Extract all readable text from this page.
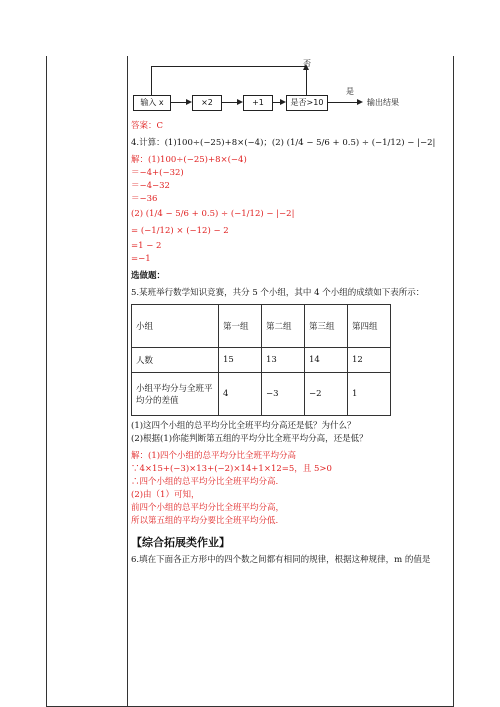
否
输入 x	×2	+1	是否>10
是
输出结果
答案：C
4.计算：(1)100÷(−25)+8×(−4)；(2) (1/4 − 5/6 + 0.5) ÷ (−1/12) − |−2|
解：(1)100÷(−25)+8×(−4)
＝−4+(−32)
＝−4−32
＝−36
(2) (1/4 − 5/6 + 0.5) ÷ (−1/12) − |−2|
= (−1/12) × (−12) − 2
=1 − 2
=−1
选做题：
5.某班举行数学知识竞赛，共分 5 个小组，其中 4 个小组的成绩如下表所示：
小组	第一组	第二组	第三组	第四组
人数	15	13	14	12
小组平均分与全班平均分的差值	4	−3	−2	1
(1)这四个小组的总平均分比全班平均分高还是低？为什么？
(2)根据(1)你能判断第五组的平均分比全班平均分高，还是低？
解：(1)四个小组的总平均分比全班平均分高
∵4×15+(−3)×13+(−2)×14+1×12=5，且 5>0
∴四个小组的总平均分比全班平均分高.
(2)由（1）可知，
前四个小组的总平均分比全班平均分高，
所以第五组的平均分要比全班平均分低.
【综合拓展类作业】
6.填在下面各正方形中的四个数之间都有相同的规律，根据这种规律，m 的值是
